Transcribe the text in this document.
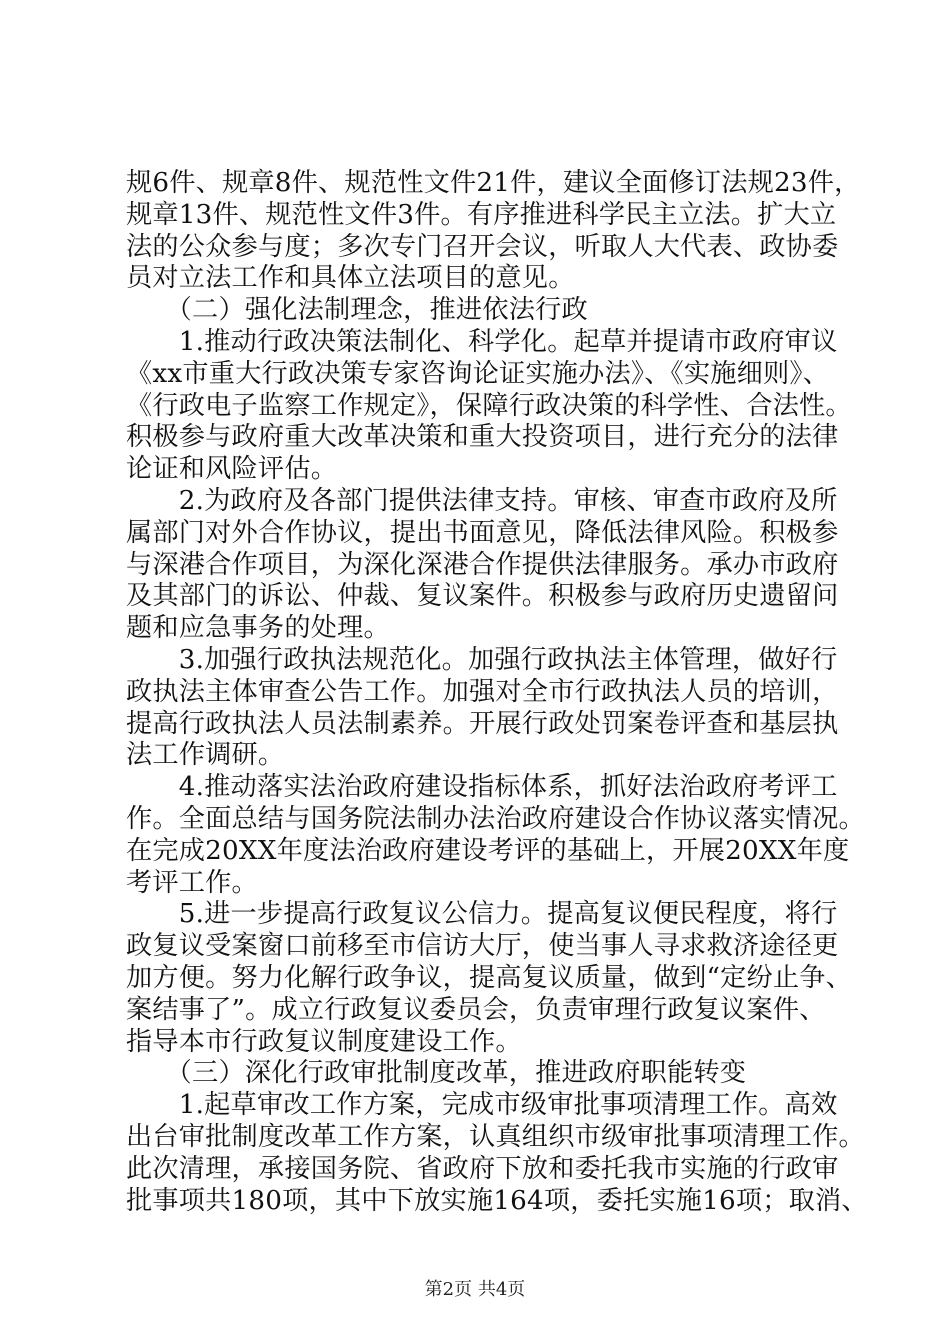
规6件、规章8件、规范性文件21件，建议全面修订法规23件，
规章13件、规范性文件3件。有序推进科学民主立法。扩大立
法的公众参与度；多次专门召开会议，听取人大代表、政协委
员对立法工作和具体立法项目的意见。
　　（二）强化法制理念，推进依法行政
　　1.推动行政决策法制化、科学化。起草并提请市政府审议
《xx市重大行政决策专家咨询论证实施办法》、《实施细则》、
《行政电子监察工作规定》，保障行政决策的科学性、合法性。
积极参与政府重大改革决策和重大投资项目，进行充分的法律
论证和风险评估。
　　2.为政府及各部门提供法律支持。审核、审查市政府及所
属部门对外合作协议，提出书面意见，降低法律风险。积极参
与深港合作项目，为深化深港合作提供法律服务。承办市政府
及其部门的诉讼、仲裁、复议案件。积极参与政府历史遗留问
题和应急事务的处理。
　　3.加强行政执法规范化。加强行政执法主体管理，做好行
政执法主体审查公告工作。加强对全市行政执法人员的培训，
提高行政执法人员法制素养。开展行政处罚案卷评查和基层执
法工作调研。
　　4.推动落实法治政府建设指标体系，抓好法治政府考评工
作。全面总结与国务院法制办法治政府建设合作协议落实情况。
在完成20XX年度法治政府建设考评的基础上，开展20XX年度
考评工作。
　　5.进一步提高行政复议公信力。提高复议便民程度，将行
政复议受案窗口前移至市信访大厅，使当事人寻求救济途径更
加方便。努力化解行政争议，提高复议质量，做到“定纷止争、
案结事了”。成立行政复议委员会，负责审理行政复议案件、
指导本市行政复议制度建设工作。
　　（三）深化行政审批制度改革，推进政府职能转变
　　1.起草审改工作方案，完成市级审批事项清理工作。高效
出台审批制度改革工作方案，认真组织市级审批事项清理工作。
此次清理，承接国务院、省政府下放和委托我市实施的行政审
批事项共180项，其中下放实施164项，委托实施16项；取消、
第2页 共4页
